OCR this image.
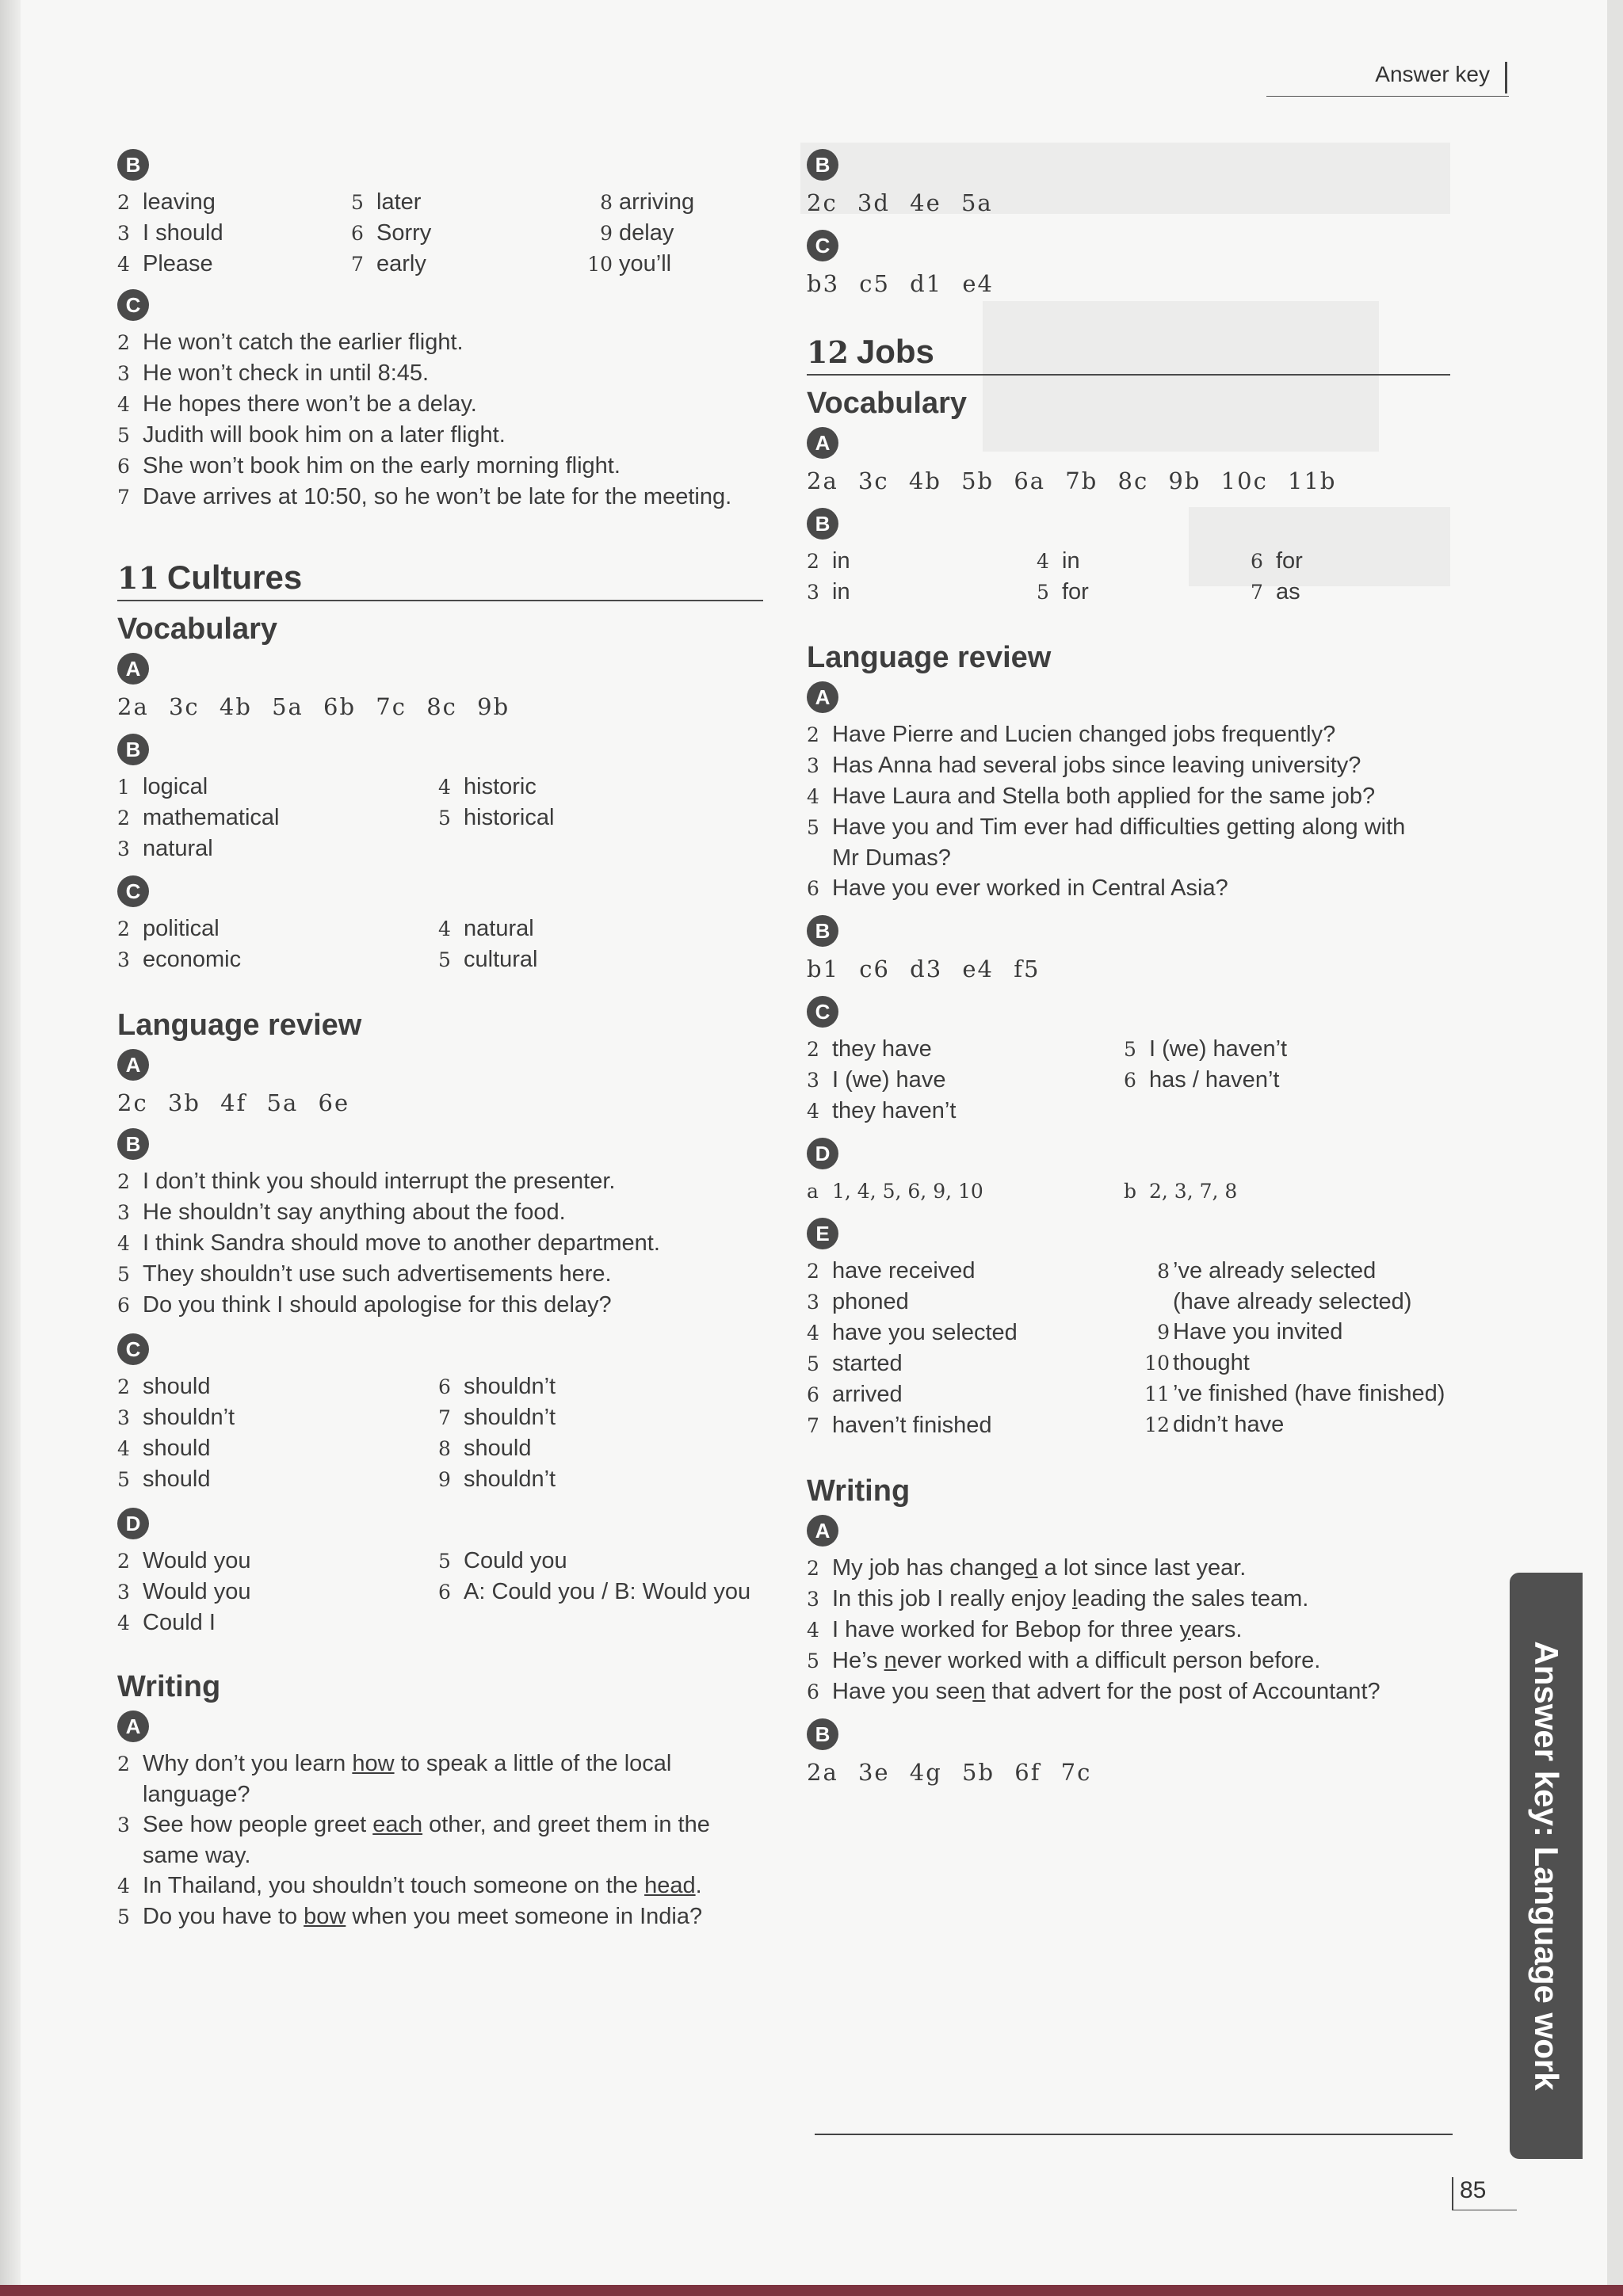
Answer key
B
2 leaving
3 I should
4 Please
5 later
6 Sorry
7 early
8 arriving
9 delay
10 you’ll
C
2 He won’t catch the earlier flight.
3 He won’t check in until 8:45.
4 He hopes there won’t be a delay.
5 Judith will book him on a later flight.
6 She won’t book him on the early morning flight.
7 Dave arrives at 10:50, so he won’t be late for the meeting.
11 Cultures
Vocabulary
A
2a 3c 4b 5a 6b 7c 8c 9b
B
1 logical
2 mathematical
3 natural
4 historic
5 historical
C
2 political
3 economic
4 natural
5 cultural
Language review
A
2c 3b 4f 5a 6e
B
2 I don’t think you should interrupt the presenter.
3 He shouldn’t say anything about the food.
4 I think Sandra should move to another department.
5 They shouldn’t use such advertisements here.
6 Do you think I should apologise for this delay?
C
2 should
3 shouldn’t
4 should
5 should
6 shouldn’t
7 shouldn’t
8 should
9 shouldn’t
D
2 Would you
3 Would you
4 Could I
5 Could you
6 A: Could you / B: Would you
Writing
A
2 Why don’t you learn how to speak a little of the local
language?
3 See how people greet each other, and greet them in the
same way.
4 In Thailand, you shouldn’t touch someone on the head.
5 Do you have to bow when you meet someone in India?
B
2c 3d 4e 5a
C
b3 c5 d1 e4
12 Jobs
Vocabulary
A
2a 3c 4b 5b 6a 7b 8c 9b 10c 11b
B
2 in
3 in
4 in
5 for
6 for
7 as
Language review
A
2 Have Pierre and Lucien changed jobs frequently?
3 Has Anna had several jobs since leaving university?
4 Have Laura and Stella both applied for the same job?
5 Have you and Tim ever had difficulties getting along with
Mr Dumas?
6 Have you ever worked in Central Asia?
B
b1 c6 d3 e4 f5
C
2 they have
3 I (we) have
4 they haven’t
5 I (we) haven’t
6 has / haven’t
D
a 1, 4, 5, 6, 9, 10	b 2, 3, 7, 8
E
2 have received
3 phoned
4 have you selected
5 started
6 arrived
7 haven’t finished
8 ’ve already selected
(have already selected)
9 Have you invited
10 thought
11 ’ve finished (have finished)
12 didn’t have
Writing
A
2 My job has changed a lot since last year.
3 In this job I really enjoy leading the sales team.
4 I have worked for Bebop for three years.
5 He’s never worked with a difficult person before.
6 Have you seen that advert for the post of Accountant?
B
2a 3e 4g 5b 6f 7c	Answer key: Language work
85
